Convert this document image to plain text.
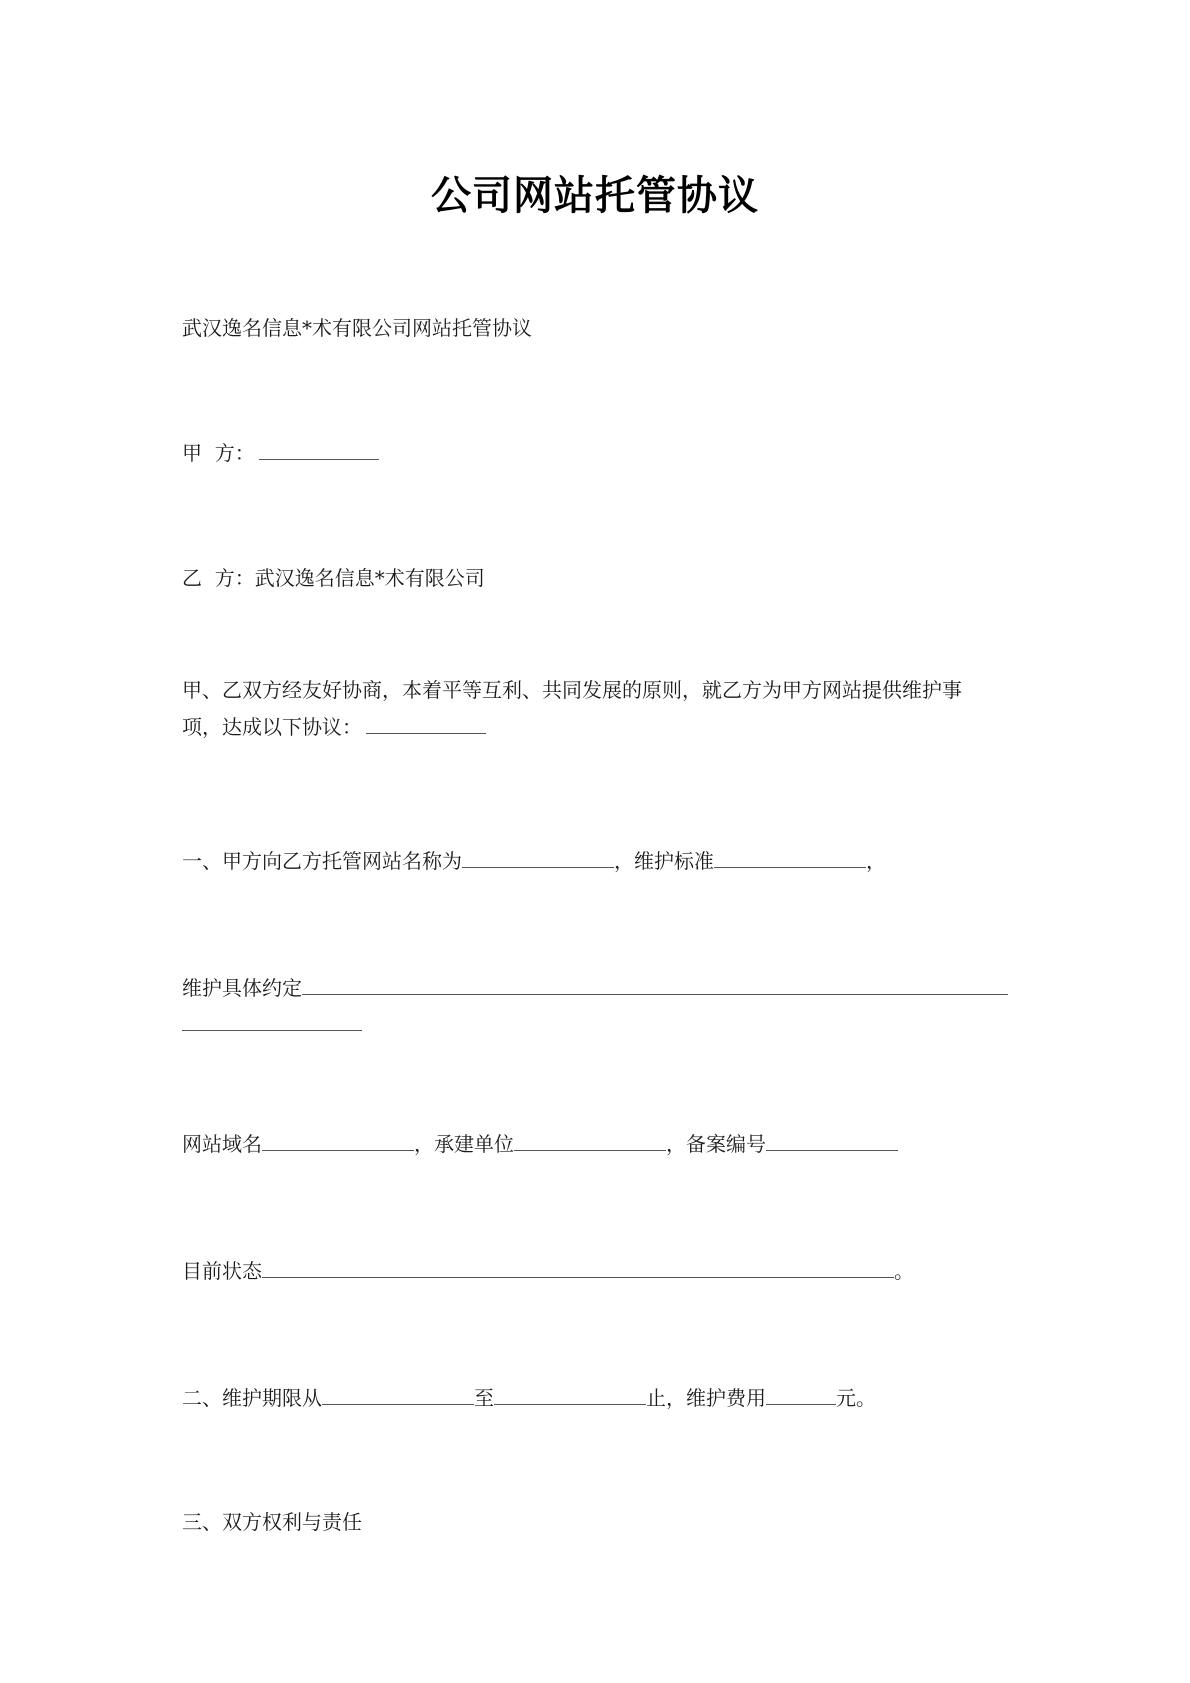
公司网站托管协议
武汉逸名信息*术有限公司网站托管协议
甲  方：
乙  方：武汉逸名信息*术有限公司
甲、乙双方经友好协商，本着平等互利、共同发展的原则，就乙方为甲方网站提供维护事
项，达成以下协议：
一、甲方向乙方托管网站名称为	，维护标准	，
维护具体约定
网站域名	，承建单位	，备案编号
目前状态	。
二、维护期限从	至	止，维护费用	元。
三、双方权利与责任
